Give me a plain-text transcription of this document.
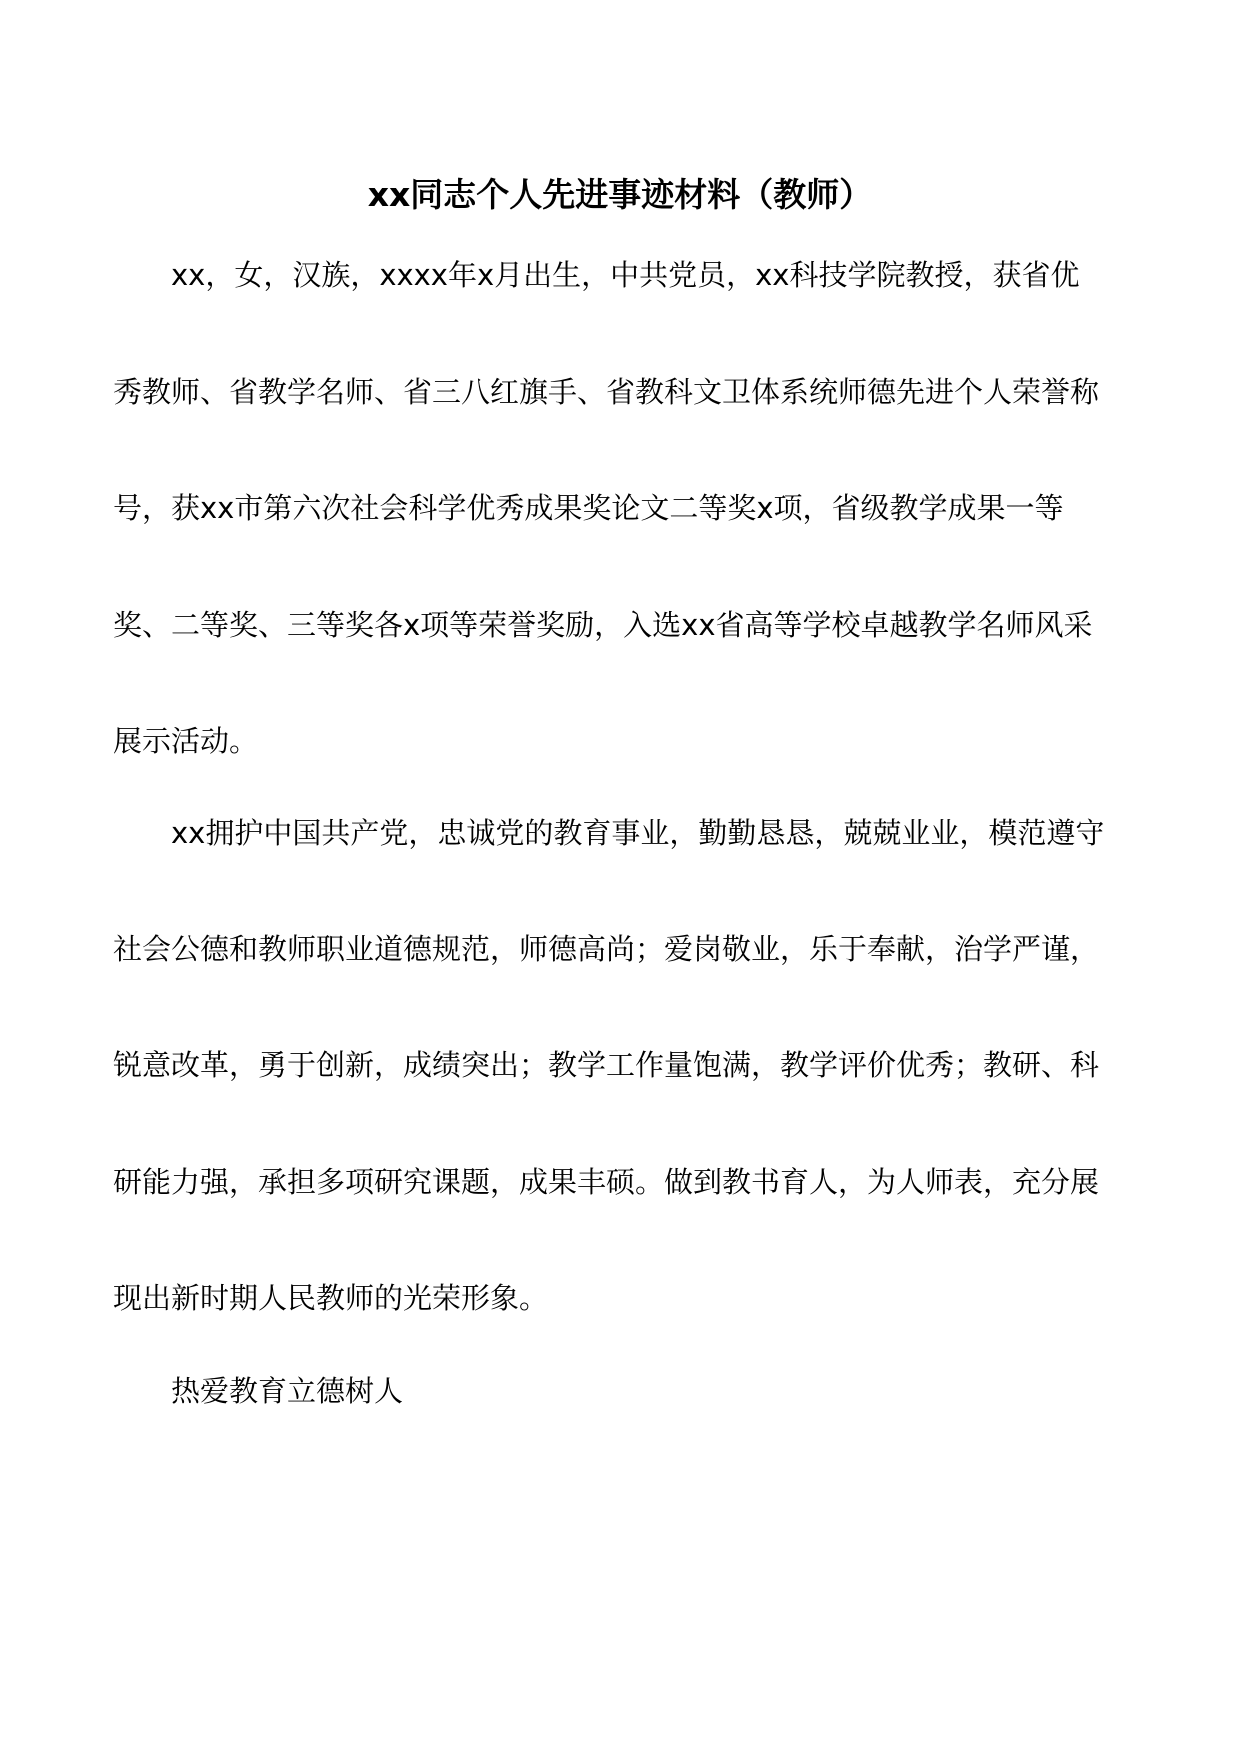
xx同志个人先进事迹材料（教师）

xx，女，汉族，xxxx年x月出生，中共党员，xx科技学院教授，获省优

秀教师、省教学名师、省三八红旗手、省教科文卫体系统师德先进个人荣誉称

号，获xx市第六次社会科学优秀成果奖论文二等奖x项，省级教学成果一等

奖、二等奖、三等奖各x项等荣誉奖励，入选xx省高等学校卓越教学名师风采

展示活动。

xx拥护中国共产党，忠诚党的教育事业，勤勤恳恳，兢兢业业，模范遵守

社会公德和教师职业道德规范，师德高尚；爱岗敬业，乐于奉献，治学严谨，

锐意改革，勇于创新，成绩突出；教学工作量饱满，教学评价优秀；教研、科

研能力强，承担多项研究课题，成果丰硕。做到教书育人，为人师表，充分展

现出新时期人民教师的光荣形象。

热爱教育立德树人
